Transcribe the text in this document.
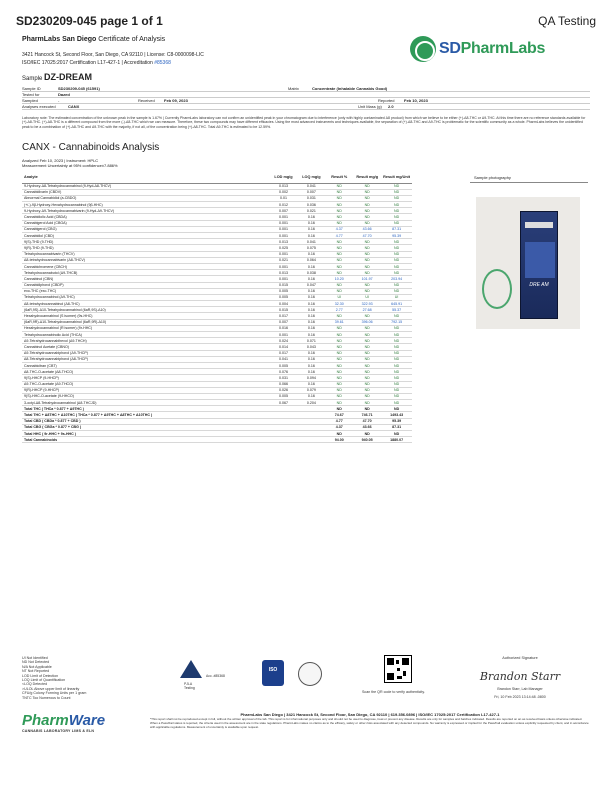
SD230209-045 page 1 of 1	QA Testing
PharmLabs San Diego Certificate of Analysis
3421 Hancock St, Second Floor, San Diego, CA 92110 | License: C8-0000098-LIC
ISO/IEC 17025:2017 Certification L17-427-1 | Accreditation #85368
SDPharmLabs
Sample DZ-DREAM
Sample ID	SD230209-045 (61591)	Matrix	Concentrate (Inhalable Cannabis Good)
Tested for	Dazed
Sampled	-	Received	Feb 09, 2023	Reported	Feb 10, 2023
Analyses executed	CANX	Unit Mass (g)	2.0
Laboratory note: The estimated concentration of the unknown peak in the sample is 1.67% | Currently PharmLabs laboratory can not confirm an unidentified peak in your chromatogram due to interference (only with highly contaminated Δ8 product) from which we believe to be either (+)-Δ8-THC or Δ9-THC. At this time there are no reference standards available for (+)-Δ8-THC. (+)-Δ8-THC is a different compound from the more (-)-Δ8-THC which we can measure. Therefore, these two compounds may have different efficacies. Using the most advanced instruments and techniques available, the separation of (+)-Δ8-THC and Δ9-THC is problematic for the scientific community as a whole. PharmLabs believes the unidentified peak to be a combination of (+)-Δ8-THC and Δ9-THC with the majority, if not all, of the concentration being (+)-Δ8-THC. Total Δ9-THC is estimated to be 12.59%.
CANX - Cannabinoids Analysis
Analyzed Feb 10, 2023 | Instrument: HPLC
Measurement Uncertainty at 95% confidence±7.886%
Analyte	LOD mg/g	LOQ mg/g	Result %	Result mg/g	Result mg/Unit
9-Hydroxy-Δ8-Tetrahydrocannabinol (9-Hyd-Δ8-THCV)	0.013	0.041	ND	ND	ND
Cannabidivarin (CBDV)	0.002	0.007	ND	ND	ND
Abnormal Cannabidiol (a-CBDO)	0.01	0.031	ND	ND	ND
(+/-)-9β-Hydroxy-Hexahydrocannabinol (9β-HHC)	0.012	0.036	ND	ND	ND
9-Hydroxy-Δ9-Tetrahydrocannabivarin (9-Hyd-Δ9-THCV)	0.007	0.021	ND	ND	ND
Cannabidiolic Acid (CBDA)	0.001	0.16	ND	ND	ND
Cannabigerol Acid (CBGA)	0.001	0.16	ND	ND	ND
Cannabigerol (CBG)	0.001	0.16	4.37	43.66	87.31
Cannabidiol (CBD)	0.001	0.16	4.77	47.70	95.39
9(S)-THD (9-THD)	0.013	0.041	ND	ND	ND
9(R)-THD (9-THD)	0.025	0.075	ND	ND	ND
Tetrahydrocannabivarin (THCV)	0.001	0.16	ND	ND	ND
Δ8-tetrahydrocannabivarin (Δ8-THCV)	0.021	0.064	ND	ND	ND
Cannabichromene (CBCH)	0.001	0.16	ND	ND	ND
Tetrahydrocannabutol (Δ9-THCB)	0.013	0.038	ND	ND	ND
Cannabinol (CBN)	0.001	0.16	10.20	101.97	203.94
Cannabidiphorol (CBDP)	0.015	0.047	ND	ND	ND
exo-THC (exo-THC)	0.005	0.16	ND	ND	ND
Tetrahydrocannabinol (Δ9-THC)	0.005	0.16	UI	UI	UI
Δ8-tetrahydrocannabinol (Δ8-THC)	0.004	0.16	32.30	322.93	645.91
(6aR,9S)-Δ10-Tetrahydrocannabinol (6aR,9S)-Δ10)	0.015	0.16	2.77	27.68	55.37
Hexahydrocannabinol (S isomer) (9s-HHC)	0.017	0.16	ND	ND	ND
(6aR,9R)-Δ10-Tetrahydrocannabinol (6aR,9R)-Δ10)	0.007	0.16	39.61	396.06	792.15
Hexahydrocannabinol (R isomer) (9r-HHC)	0.016	0.16	ND	ND	ND
Tetrahydrocannabinolic Acid (THCA)	0.001	0.16	ND	ND	ND
Δ9-Tetrahydrocannabihexol (Δ9-THCH)	0.024	0.071	ND	ND	ND
Cannabinol Acetate (CBNO)	0.014	0.043	ND	ND	ND
Δ9-Tetrahydrocannabiphorol (Δ9-THCP)	0.017	0.16	ND	ND	ND
Δ8-Tetrahydrocannabiphorol (Δ8-THCP)	0.041	0.16	ND	ND	ND
Cannabicitran (CBT)	0.005	0.16	ND	ND	ND
Δ8-THC-O-acetate (Δ8-THCO)	0.076	0.16	ND	ND	ND
9(S)-HHCP (9-HHCP)	0.031	0.094	ND	ND	ND
Δ9-THC-O-acetate (Δ9-THCO)	0.066	0.16	ND	ND	ND
9(R)-HHCP (9-HHCP)	0.026	0.079	ND	ND	ND
9(S)-HHC-O-acetate (9-HHCO)	0.005	0.16	ND	ND	ND
3-octyl-Δ8-Tetrahydrocannabinol (Δ8-THCJD)	0.067	0.204	ND	ND	ND
Total THC ( THCa * 0.877 + Δ9THC )			ND	ND	ND
Total THC + Δ8THC + Δ10THC ( THCa * 0.877 + Δ9THC + Δ8THC + Δ10THC )			74.67	746.71	1493.43
Total CBD ( CBDa * 0.877 + CBD )			4.77	47.70	95.39
Total CBG ( CBGa * 0.877 + CBG )			4.37	43.66	87.31
Total HHC ( 9r-HHC + 9s-HHC )			ND	ND	ND
Total Cannabinoids			94.00	940.05	1880.07
Sample photography
DRE AM
UI Not Identified
ND Not Detected
N/A Not Applicable
NT Not Reported
LOD Limit of Detection
LOQ Limit of Quantification
<LOQ Detected
>ULOL Above upper limit of linearity
CFU/g Colony Forming Units per 1 gram
TNTC Too Numerous to Count
PJLA
Testing
Acc. #85368
ISO
Scan the QR code to verify authenticity.
Authorized Signature
Brandon Starr
Brandon Starr, Lab Manager
Fri, 10 Feb 2023 13:14:48 -0800
PharmWare
CANNABIS LABORATORY LIMS & ELN
PharmLabs San Diego | 3421 Hancock St, Second Floor, San Diego, CA 92110 | 619.356.0896 | ISO/IEC 17025:2017 Certification L17-427-1
*This report shall not be reproduced except in full, without the written approval of the lab. This report is for informational purposes only and should not be used to diagnose, treat or prevent any disease. Results are only for samples and batches indicated. Results are reported on an as received basis unless otherwise indicated. When a Pass/Fail status is reported, the criteria used in the assessment are in the state regulations. PharmLabs makes no claims as to the efficacy, safety or other risks associated with any detected compounds. No warranty is expressed or implied for the Pass/Fail evaluation unless explicitly requested by client, and in accordance with applicable regulations. Measurement of uncertainty is available upon request.
